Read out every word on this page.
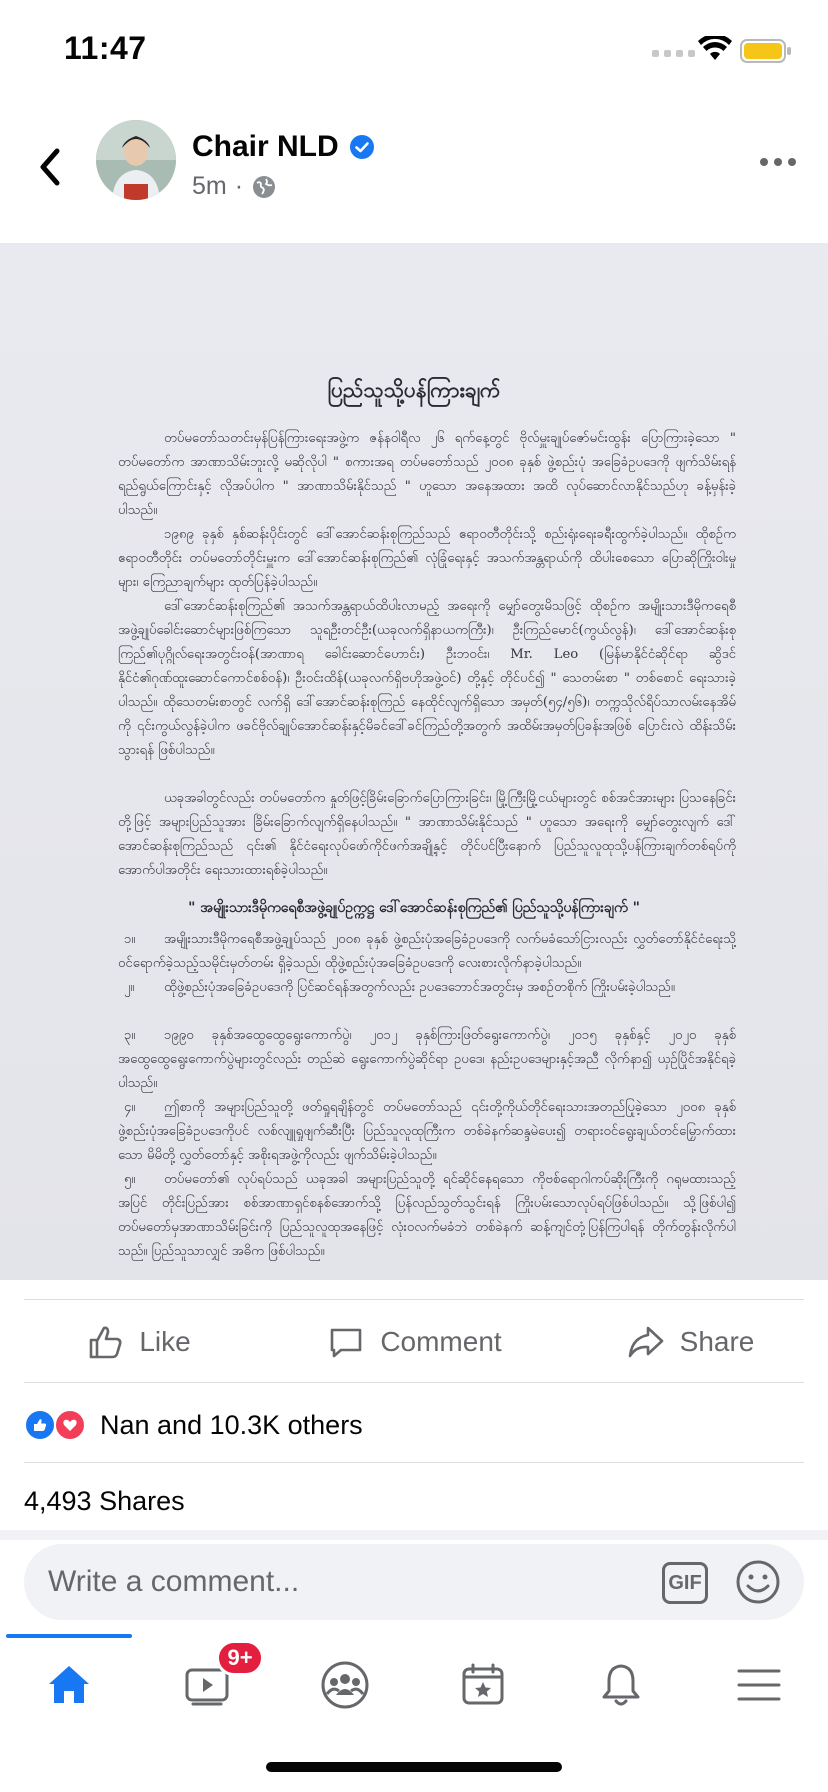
11:47
Chair NLD
5m ·
ပြည်သူသို့ပန်ကြားချက်
တပ်မတော်သတင်းမှန်ပြန်ကြားရေးအဖွဲ့က ဇန်နဝါရီလ ၂၆ ရက်နေ့တွင် ဗိုလ်မှူးချုပ်ဇော်မင်းထွန်း ပြောကြားခဲ့သော " တပ်မတော်က အာဏာသိမ်းဘူးလို့ မဆိုလိုပါ " စကားအရ တပ်မတော်သည် ၂၀၀၈ ခုနှစ် ဖွဲ့စည်းပုံ အခြေခံဥပဒေကို ဖျက်သိမ်းရန် ရည်ရွယ်ကြောင်းနှင့် လိုအပ်ပါက " အာဏာသိမ်းနိုင်သည် " ဟူသော အနေအထား အထိ လုပ်ဆောင်လာနိုင်သည်ဟု ခန့်မှန်းခဲ့ပါသည်။
၁၉၈၉ ခုနှစ် နှစ်ဆန်းပိုင်းတွင် ဒေါ်အောင်ဆန်းစုကြည်သည် ဧရာဝတီတိုင်းသို့ စည်းရုံးရေးခရီးထွက်ခဲ့ပါသည်။ ထိုစဉ်က ဧရာဝတီတိုင်း တပ်မတော်တိုင်းမှူးက ဒေါ်အောင်ဆန်းစုကြည်၏ လုံခြုံရေးနှင့် အသက်အန္တရာယ်ကို ထိပါးစေသော ပြောဆိုကြိုးဝါးမှုများ၊ ကြေညာချက်များ ထုတ်ပြန်ခဲ့ပါသည်။
ဒေါ်အောင်ဆန်းစုကြည်၏ အသက်အန္တရာယ်ထိပါးလာမည့် အရေးကို မျှော်တွေးမိသဖြင့် ထိုစဉ်က အမျိုးသားဒီမိုကရေစီအဖွဲ့ချုပ်ခေါင်းဆောင်များဖြစ်ကြသော သူရဦးတင်ဦး(ယခုလက်ရှိနာယကကြီး)၊ ဦးကြည်မောင်(ကွယ်လွန်)၊ ဒေါ်အောင်ဆန်းစုကြည်၏ပုဂ္ဂိုလ်ရေးအတွင်းဝန်(အာဏာရ ခေါင်းဆောင်ဟောင်း) ဦးဘဝင်း၊ Mr. Leo (မြန်မာနိုင်ငံဆိုင်ရာ ဆွိဒင်နိုင်ငံ၏ဂုဏ်ထူးဆောင်ကောင်စစ်ဝန်)၊ ဦးဝင်းထိန်(ယခုလက်ရှိဗဟိုအဖွဲ့ဝင်) တို့နှင့် တိုင်ပင်၍ " သေတမ်းစာ " တစ်စောင် ရေးသားခဲ့ပါသည်။ ထိုသေတမ်းစာတွင် လက်ရှိ ဒေါ်အောင်ဆန်းစုကြည် နေထိုင်လျက်ရှိသော အမှတ်(၅၄/၅၆)၊ တက္ကသိုလ်ရိပ်သာလမ်းနေအိမ်ကို ၎င်းကွယ်လွန်ခဲ့ပါက ဖခင်ဗိုလ်ချုပ်အောင်ဆန်းနှင့်မိခင်ဒေါ်ခင်ကြည်တို့အတွက် အထိမ်းအမှတ်ပြခန်းအဖြစ် ပြောင်းလဲ ထိန်းသိမ်းသွားရန် ဖြစ်ပါသည်။
ယခုအခါတွင်လည်း တပ်မတော်က နှုတ်ဖြင့်ခြိမ်းခြောက်ပြောကြားခြင်း၊ မြို့ကြီးမြို့ငယ်များတွင် စစ်အင်အားများ ပြသနေခြင်း တို့ဖြင့် အများပြည်သူအား ခြိမ်းခြောက်လျက်ရှိနေပါသည်။ " အာဏာသိမ်းနိုင်သည် " ဟူသော အရေးကို မျှော်တွေးလျက် ဒေါ်အောင်ဆန်းစုကြည်သည် ၎င်း၏ နိုင်ငံရေးလုပ်ဖော်ကိုင်ဖက်အချို့နှင့် တိုင်ပင်ပြီးနောက် ပြည်သူလူထုသို့ပန်ကြားချက်တစ်ရပ်ကို အောက်ပါအတိုင်း ရေးသားထားရစ်ခဲ့ပါသည်။
" အမျိုးသားဒီမိုကရေစီအဖွဲ့ချုပ်ဥက္ကဋ္ဌ ဒေါ်အောင်ဆန်းစုကြည်၏ ပြည်သူသို့ပန်ကြားချက် "
၁။	အမျိုးသားဒီမိုကရေစီအဖွဲ့ချုပ်သည် ၂၀၀၈ ခုနှစ် ဖွဲ့စည်းပုံအခြေခံဥပဒေကို လက်မခံသော်ငြားလည်း လွှတ်တော်နိုင်ငံရေးသို့ ဝင်ရောက်ခဲ့သည့်သမိုင်းမှတ်တမ်း ရှိခဲ့သည်၊ ထိုဖွဲ့စည်းပုံအခြေခံဥပဒေကို လေးစားလိုက်နာခဲ့ပါသည်။
၂။	ထိုဖွဲ့စည်းပုံအခြေခံဥပဒေကို ပြင်ဆင်ရန်အတွက်လည်း ဥပဒေဘောင်အတွင်းမှ အစဉ်တစိုက် ကြိုးပမ်းခဲ့ပါသည်။
၃။	၁၉၉၀ ခုနှစ်အထွေထွေရွေးကောက်ပွဲ၊ ၂၀၁၂ ခုနှစ်ကြားဖြတ်ရွေးကောက်ပွဲ၊ ၂၀၁၅ ခုနှစ်နှင့် ၂၀၂၀ ခုနှစ် အထွေထွေရွေးကောက်ပွဲများတွင်လည်း တည်ဆဲ ရွေးကောက်ပွဲဆိုင်ရာ ဥပဒေ၊ နည်းဥပဒေများနှင့်အညီ လိုက်နာ၍ ယှဉ်ပြိုင်အနိုင်ရခဲ့ပါသည်။
၄။	ဤစာကို အများပြည်သူတို့ ဖတ်ရှုရချိန်တွင် တပ်မတော်သည် ၎င်းတို့ကိုယ်တိုင်ရေးသားအတည်ပြုခဲ့သော ၂၀၀၈ ခုနှစ် ဖွဲ့စည်းပုံအခြေခံဥပဒေကိုပင် လစ်လျူရှုဖျက်ဆီးပြီး ပြည်သူလူထုကြီးက တစ်ခဲနက်ဆန္ဒမဲပေး၍ တရားဝင်ရွေးချယ်တင်မြှောက်ထားသော မိမိတို့ လွှတ်တော်နှင့် အစိုးရအဖွဲ့ကိုလည်း ဖျက်သိမ်းခဲ့ပါသည်။
၅။	တပ်မတော်၏ လုပ်ရပ်သည် ယခုအခါ အများပြည်သူတို့ ရင်ဆိုင်နေရသော ကိုဗစ်ရောဂါကပ်ဆိုးကြီးကို ဂရုမထားသည့်အပြင် တိုင်းပြည်အား စစ်အာဏာရှင်စနစ်အောက်သို့ ပြန်လည်သွတ်သွင်းရန် ကြိုးပမ်းသောလုပ်ရပ်ဖြစ်ပါသည်။ သို့ဖြစ်ပါ၍ တပ်မတော်မှအာဏာသိမ်းခြင်းကို ပြည်သူလူထုအနေဖြင့် လုံးဝလက်မခံဘဲ တစ်ခဲနက် ဆန့်ကျင်တုံ့ပြန်ကြပါရန် တိုက်တွန်းလိုက်ပါသည်။ ပြည်သူသာလျှင် အဓိက ဖြစ်ပါသည်။
Like	Comment	Share
Nan and 10.3K others
4,493 Shares
Write a comment...	GIF
9+
